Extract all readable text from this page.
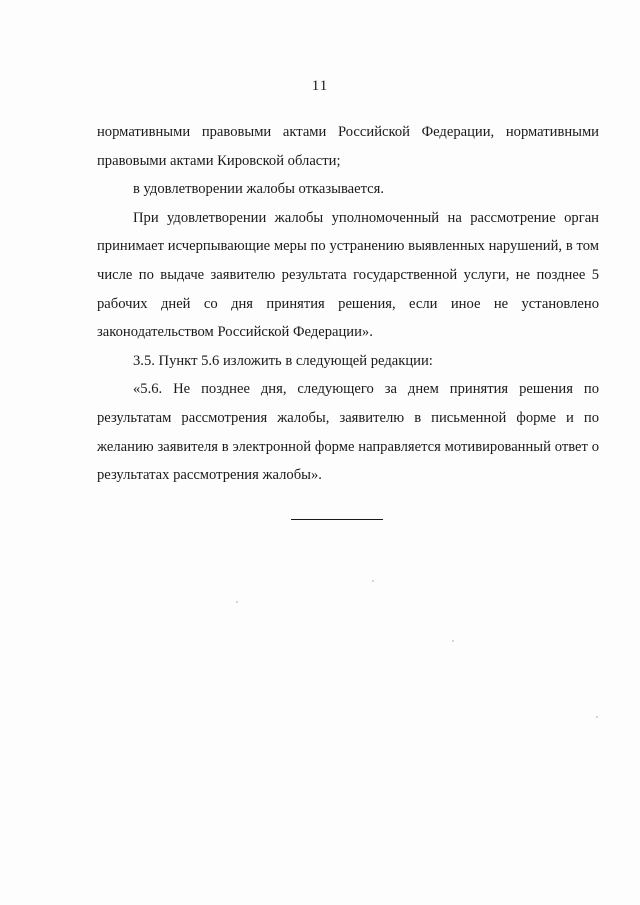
11

нормативными правовыми актами Российской Федерации, нормативными правовыми актами Кировской области;

в удовлетворении жалобы отказывается.

При удовлетворении жалобы уполномоченный на рассмотрение орган принимает исчерпывающие меры по устранению выявленных нарушений, в том числе по выдаче заявителю результата государственной услуги, не позднее 5 рабочих дней со дня принятия решения, если иное не установлено законодательством Российской Федерации».

3.5. Пункт 5.6 изложить в следующей редакции:

«5.6. Не позднее дня, следующего за днем принятия решения по результатам рассмотрения жалобы, заявителю в письменной форме и по желанию заявителя в электронной форме направляется мотивированный ответ о результатах рассмотрения жалобы».
